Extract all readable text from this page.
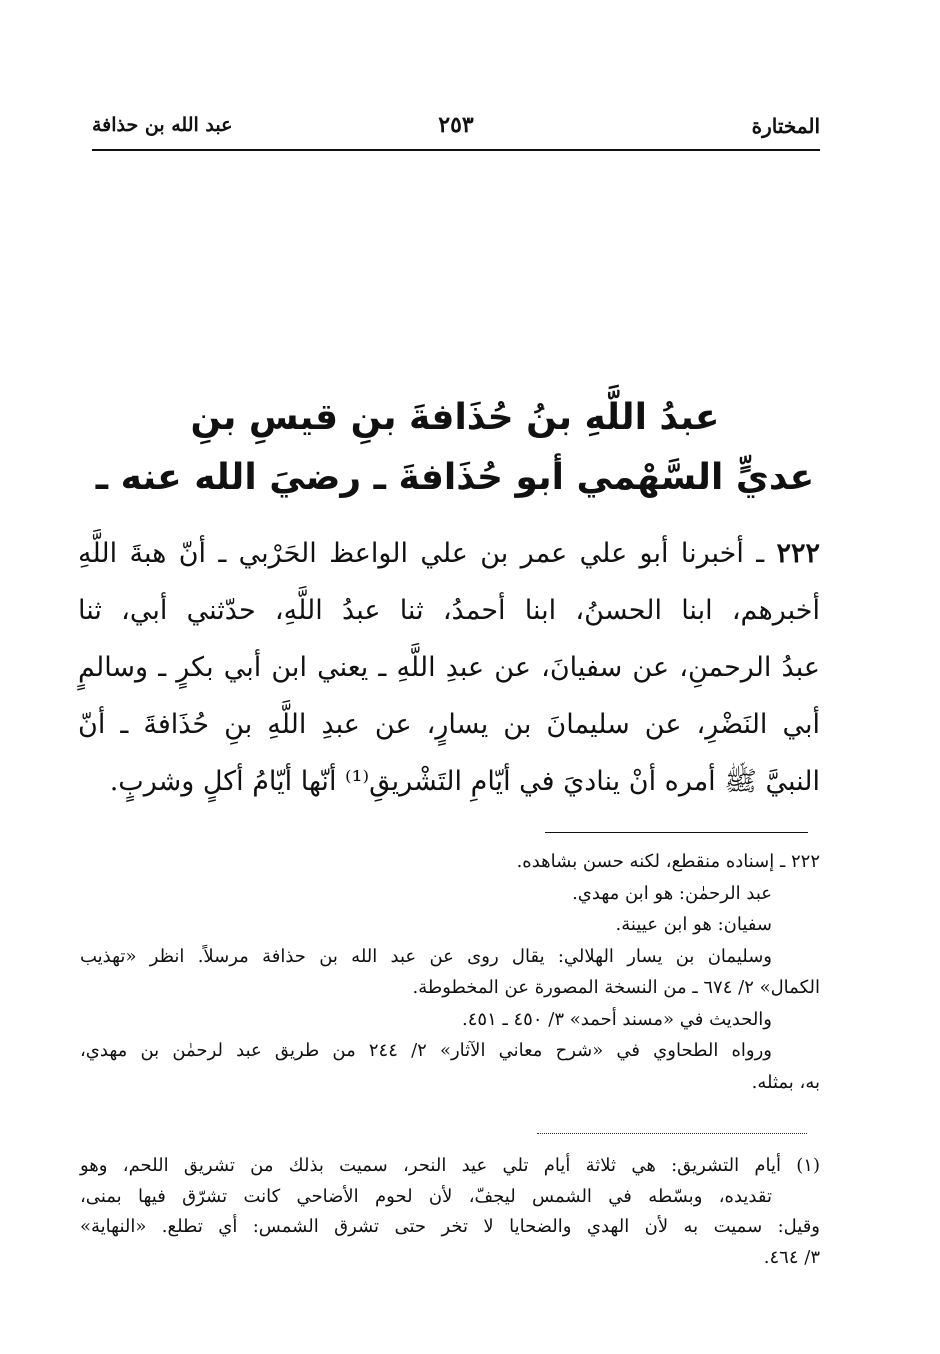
المختارة
٢٥٣
عبد الله بن حذافة
عبدُ اللَّهِ بنُ حُذَافةَ بنِ قيسِ بنِ
عديٍّ السَّهْمي أبو حُذَافةَ ـ رضيَ الله عنه ـ
٢٢٢ ـ أخبرنا أبو علي عمر بن علي الواعظ الحَرْبي ـ أنّ هبةَ اللَّهِ
أخبرهم، ابنا الحسنُ، ابنا أحمدُ، ثنا عبدُ اللَّهِ، حدّثني أبي، ثنا
عبدُ الرحمنِ، عن سفيانَ، عن عبدِ اللَّهِ ـ يعني ابن أبي بكرٍ ـ وسالمٍ
أبي النَضْرِ، عن سليمانَ بن يسارٍ، عن عبدِ اللَّهِ بنِ حُذَافةَ ـ أنّ
النبيَّ ﷺ أمره أنْ يناديَ في أيّامِ التَشْريقِ⁽¹⁾ أنّها أيّامُ أكلٍ وشربٍ.
٢٢٢ ـ إسناده منقطع، لكنه حسن بشاهده.
عبد الرحمٰن: هو ابن مهدي.
سفيان: هو ابن عيينة.
وسليمان بن يسار الهلالي: يقال روى عن عبد الله بن حذافة مرسلاً. انظر «تهذيب
الكمال» ٢/ ٦٧٤ ـ من النسخة المصورة عن المخطوطة.
والحديث في «مسند أحمد» ٣/ ٤٥٠ ـ ٤٥١.
ورواه الطحاوي في «شرح معاني الآثار» ٢/ ٢٤٤ من طريق عبد لرحمٰن بن مهدي،
به، بمثله.
(١) أيام التشريق: هي ثلاثة أيام تلي عيد النحر، سميت بذلك من تشريق اللحم، وهو
تقديده، وبسّطه في الشمس ليجفّ، لأن لحوم الأضاحي كانت تشرّق فيها بمنى،
وقيل: سميت به لأن الهدي والضحايا لا تخر حتى تشرق الشمس: أي تطلع. «النهاية»
٣/ ٤٦٤.
